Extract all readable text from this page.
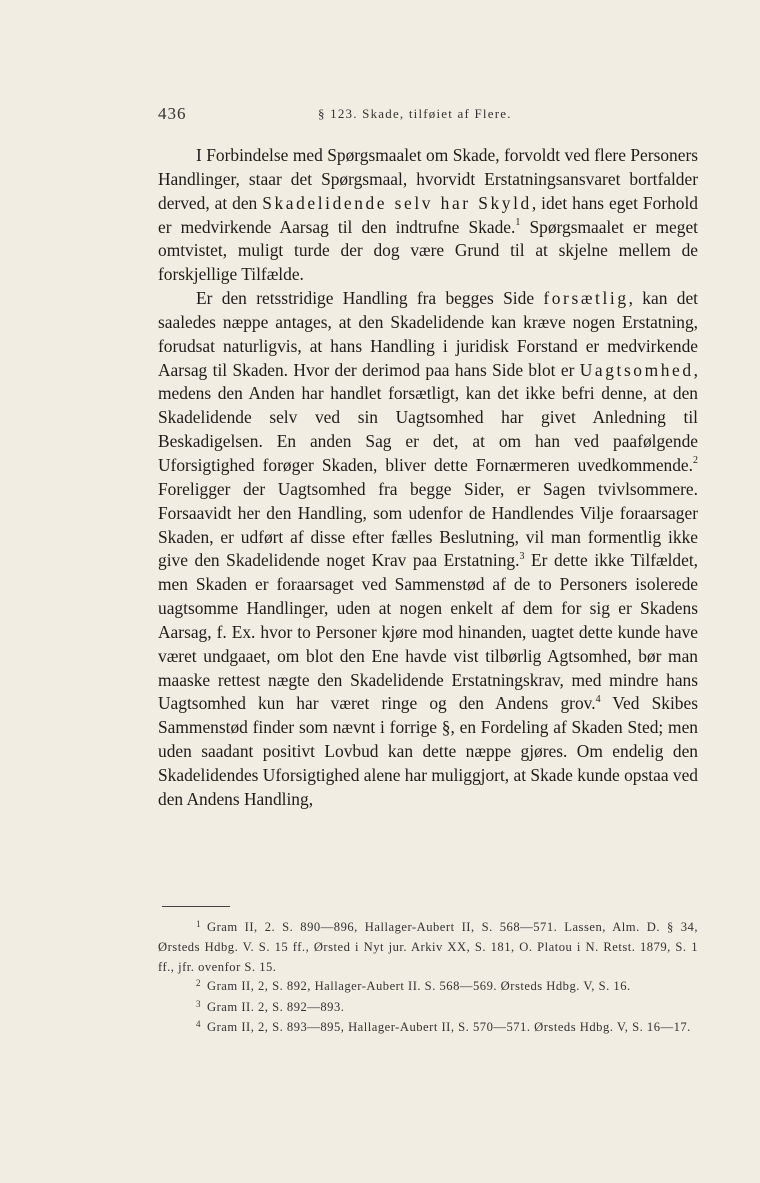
436	§ 123. Skade, tilføiet af Flere.

I Forbindelse med Spørgsmaalet om Skade, forvoldt ved flere Personers Handlinger, staar det Spørgsmaal, hvorvidt Erstatningsansvaret bortfalder derved, at den Skadelidende selv har Skyld, idet hans eget Forhold er medvirkende Aarsag til den indtrufne Skade.$^1$ Spørgsmaalet er meget omtvistet, muligt turde der dog være Grund til at skjelne mellem de forskjellige Tilfælde.

Er den retsstridige Handling fra begges Side forsætlig, kan det saaledes næppe antages, at den Skadelidende kan kræve nogen Erstatning, forudsat naturligvis, at hans Handling i juridisk Forstand er medvirkende Aarsag til Skaden. Hvor der derimod paa hans Side blot er Uagtsomhed, medens den Anden har handlet forsætligt, kan det ikke befri denne, at den Skadelidende selv ved sin Uagtsomhed har givet Anledning til Beskadigelsen. En anden Sag er det, at om han ved paafølgende Uforsigtighed forøger Skaden, bliver dette Fornærmeren uvedkommende.$^2$ Foreligger der Uagtsomhed fra begge Sider, er Sagen tvivlsommere. Forsaavidt her den Handling, som udenfor de Handlendes Vilje foraarsager Skaden, er udført af disse efter fælles Beslutning, vil man formentlig ikke give den Skadelidende noget Krav paa Erstatning.$^3$ Er dette ikke Tilfældet, men Skaden er foraarsaget ved Sammenstød af de to Personers isolerede uagtsomme Handlinger, uden at nogen enkelt af dem for sig er Skadens Aarsag, f. Ex. hvor to Personer kjøre mod hinanden, uagtet dette kunde have været undgaaet, om blot den Ene havde vist tilbørlig Agtsomhed, bør man maaske rettest nægte den Skadelidende Erstatningskrav, med mindre hans Uagtsomhed kun har været ringe og den Andens grov.$^4$ Ved Skibes Sammenstød finder som nævnt i forrige §, en Fordeling af Skaden Sted; men uden saadant positivt Lovbud kan dette næppe gjøres. Om endelig den Skadelidendes Uforsigtighed alene har muliggjort, at Skade kunde opstaa ved den Andens Handling,

$^1$ Gram II, 2. S. 890—896, Hallager-Aubert II, S. 568—571. Lassen, Alm. D. § 34, Ørsteds Hdbg. V. S. 15 ff., Ørsted i Nyt jur. Arkiv XX, S. 181, O. Platou i N. Retst. 1879, S. 1 ff., jfr. ovenfor S. 15.
$^2$ Gram II, 2, S. 892, Hallager-Aubert II. S. 568—569. Ørsteds Hdbg. V, S. 16.
$^3$ Gram II. 2, S. 892—893.
$^4$ Gram II, 2, S. 893—895, Hallager-Aubert II, S. 570—571. Ørsteds Hdbg. V, S. 16—17.
